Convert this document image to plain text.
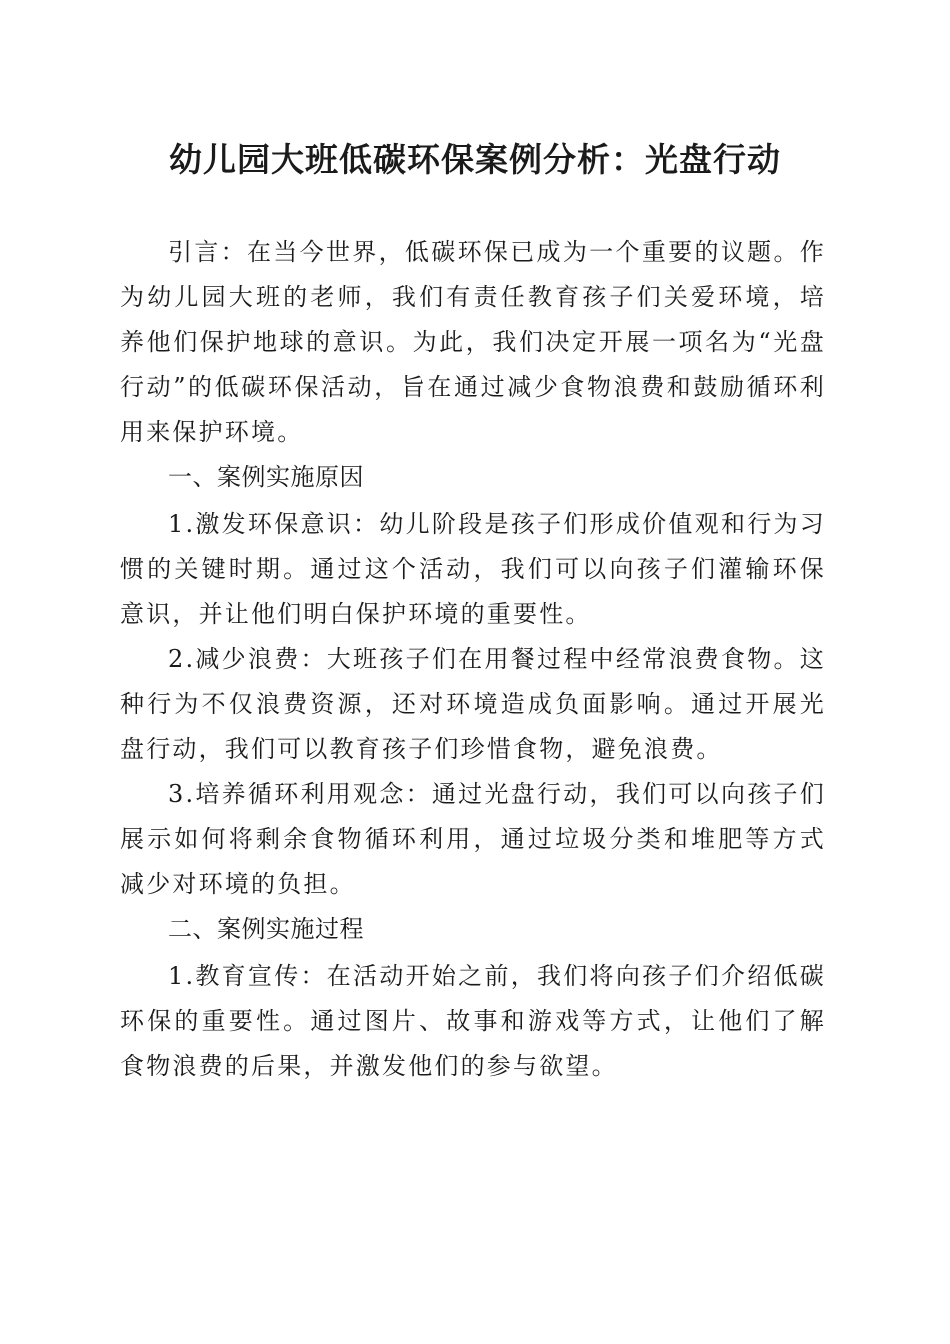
幼儿园大班低碳环保案例分析：光盘行动

引言：在当今世界，低碳环保已成为一个重要的议题。作为幼儿园大班的老师，我们有责任教育孩子们关爱环境，培养他们保护地球的意识。为此，我们决定开展一项名为“光盘行动”的低碳环保活动，旨在通过减少食物浪费和鼓励循环利用来保护环境。

一、案例实施原因

1.激发环保意识：幼儿阶段是孩子们形成价值观和行为习惯的关键时期。通过这个活动，我们可以向孩子们灌输环保意识，并让他们明白保护环境的重要性。

2.减少浪费：大班孩子们在用餐过程中经常浪费食物。这种行为不仅浪费资源，还对环境造成负面影响。通过开展光盘行动，我们可以教育孩子们珍惜食物，避免浪费。

3.培养循环利用观念：通过光盘行动，我们可以向孩子们展示如何将剩余食物循环利用，通过垃圾分类和堆肥等方式减少对环境的负担。

二、案例实施过程

1.教育宣传：在活动开始之前，我们将向孩子们介绍低碳环保的重要性。通过图片、故事和游戏等方式，让他们了解食物浪费的后果，并激发他们的参与欲望。
